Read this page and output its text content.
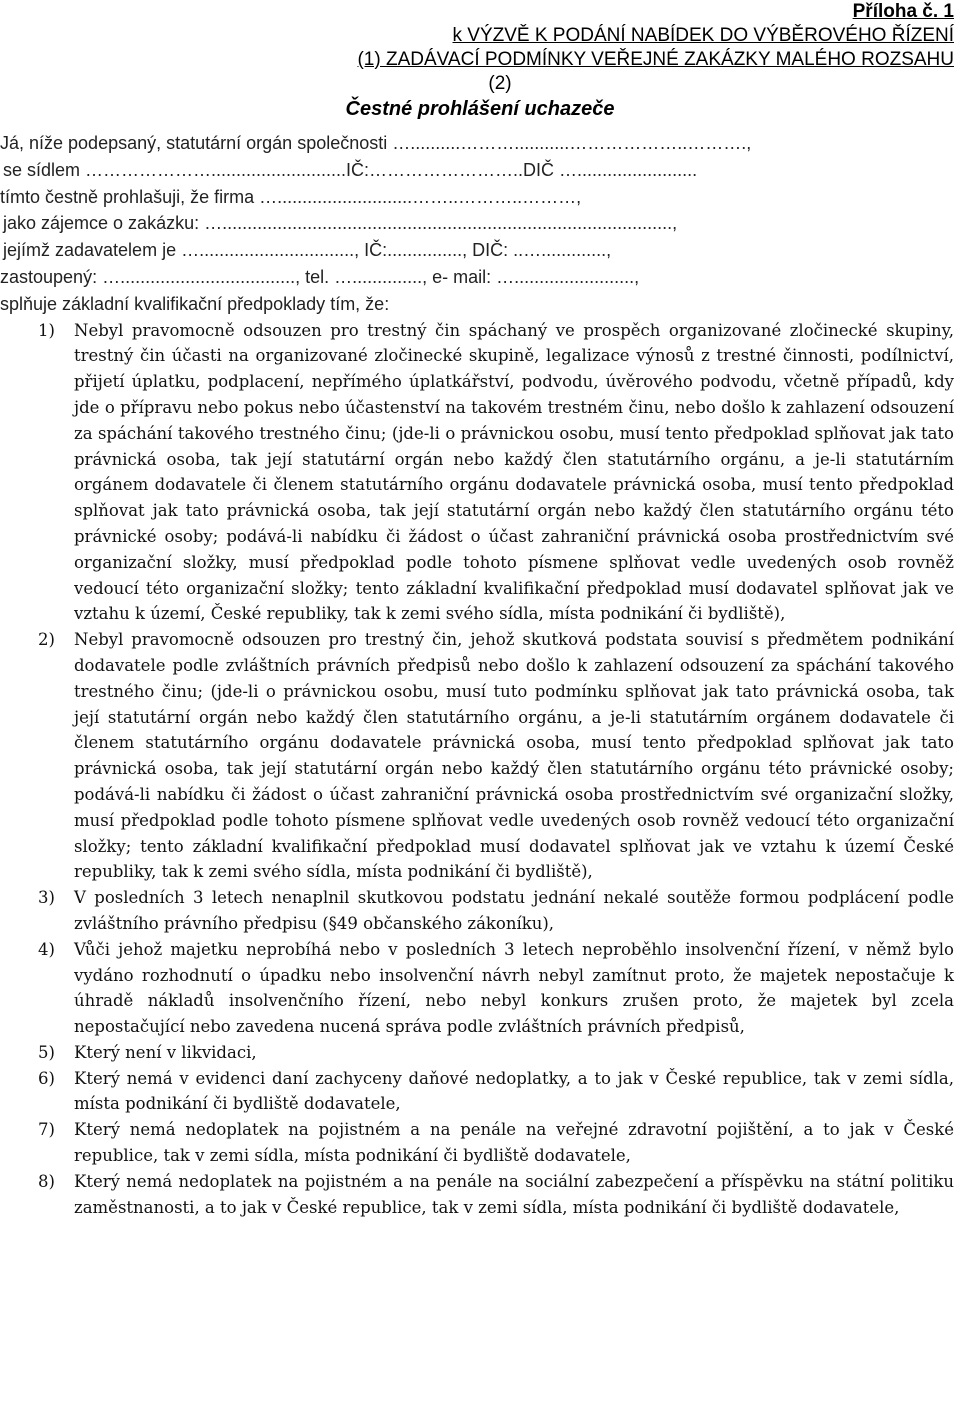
Příloha č. 1
k VÝZVĚ K PODÁNÍ NABÍDEK DO VÝBĚROVÉHO ŘÍZENÍ
(1) ZADÁVACÍ PODMÍNKY VEŘEJNÉ ZAKÁZKY MALÉHO ROZSAHU
(2)
Čestné prohlášení uchazeče
Já, níže podepsaný, statutární orgán společnosti …..........………...........………………..……….,
se sídlem …………………...........................IČ:……………………..DIČ …........................
tímto čestně prohlašuji, že firma …...........................……..………..………,
jako zájemce o zakázku: …..........................................................................................,
jejímž zadavatelem je …..............................., IČ:..............., DIČ: ..….............,
zastoupený: …..................................., tel. ….............., e- mail: …........................,
splňuje základní kvalifikační předpoklady tím, že:
1) Nebyl pravomocně odsouzen pro trestný čin spáchaný ve prospěch organizované zločinecké skupiny, trestný čin účasti na organizované zločinecké skupině, legalizace výnosů z trestné činnosti, podílnictví, přijetí úplatku, podplacení, nepřímého úplatkářství, podvodu, úvěrového podvodu, včetně případů, kdy jde o přípravu nebo pokus nebo účastenství na takovém trestném činu, nebo došlo k zahlazení odsouzení za spáchání takového trestného činu; (jde-li o právnickou osobu, musí tento předpoklad splňovat jak tato právnická osoba, tak její statutární orgán nebo každý člen statutárního orgánu, a je-li statutárním orgánem dodavatele či členem statutárního orgánu dodavatele právnická osoba, musí tento předpoklad splňovat jak tato právnická osoba, tak její statutární orgán nebo každý člen statutárního orgánu této právnické osoby; podává-li nabídku či žádost o účast zahraniční právnická osoba prostřednictvím své organizační složky, musí předpoklad podle tohoto písmene splňovat vedle uvedených osob rovněž vedoucí této organizační složky; tento základní kvalifikační předpoklad musí dodavatel splňovat jak ve vztahu k území, České republiky, tak k zemi svého sídla, místa podnikání či bydliště),
2) Nebyl pravomocně odsouzen pro trestný čin, jehož skutková podstata souvisí s předmětem podnikání dodavatele podle zvláštních právních předpisů nebo došlo k zahlazení odsouzení za spáchání takového trestného činu; (jde-li o právnickou osobu, musí tuto podmínku splňovat jak tato právnická osoba, tak její statutární orgán nebo každý člen statutárního orgánu, a je-li statutárním orgánem dodavatele či členem statutárního orgánu dodavatele právnická osoba, musí tento předpoklad splňovat jak tato právnická osoba, tak její statutární orgán nebo každý člen statutárního orgánu této právnické osoby; podává-li nabídku či žádost o účast zahraniční právnická osoba prostřednictvím své organizační složky, musí předpoklad podle tohoto písmene splňovat vedle uvedených osob rovněž vedoucí této organizační složky; tento základní kvalifikační předpoklad musí dodavatel splňovat jak ve vztahu k území České republiky, tak k zemi svého sídla, místa podnikání či bydliště),
3) V posledních 3 letech nenaplnil skutkovou podstatu jednání nekalé soutěže formou podplácení podle zvláštního právního předpisu (§49 občanského zákoníku),
4) Vůči jehož majetku neprobíhá nebo v posledních 3 letech neproběhlo insolvenční řízení, v němž bylo vydáno rozhodnutí o úpadku nebo insolvenční návrh nebyl zamítnut proto, že majetek nepostačuje k úhradě nákladů insolvenčního řízení, nebo nebyl konkurs zrušen proto, že majetek byl zcela nepostačující nebo zavedena nucená správa podle zvláštních právních předpisů,
5) Který není v likvidaci,
6) Který nemá v evidenci daní zachyceny daňové nedoplatky, a to jak v České republice, tak v zemi sídla, místa podnikání či bydliště dodavatele,
7) Který nemá nedoplatek na pojistném a na penále na veřejné zdravotní pojištění, a to jak v České republice, tak v zemi sídla, místa podnikání či bydliště dodavatele,
8) Který nemá nedoplatek na pojistném a na penále na sociální zabezpečení a příspěvku na státní politiku zaměstnanosti, a to jak v České republice, tak v zemi sídla, místa podnikání či bydliště dodavatele,
